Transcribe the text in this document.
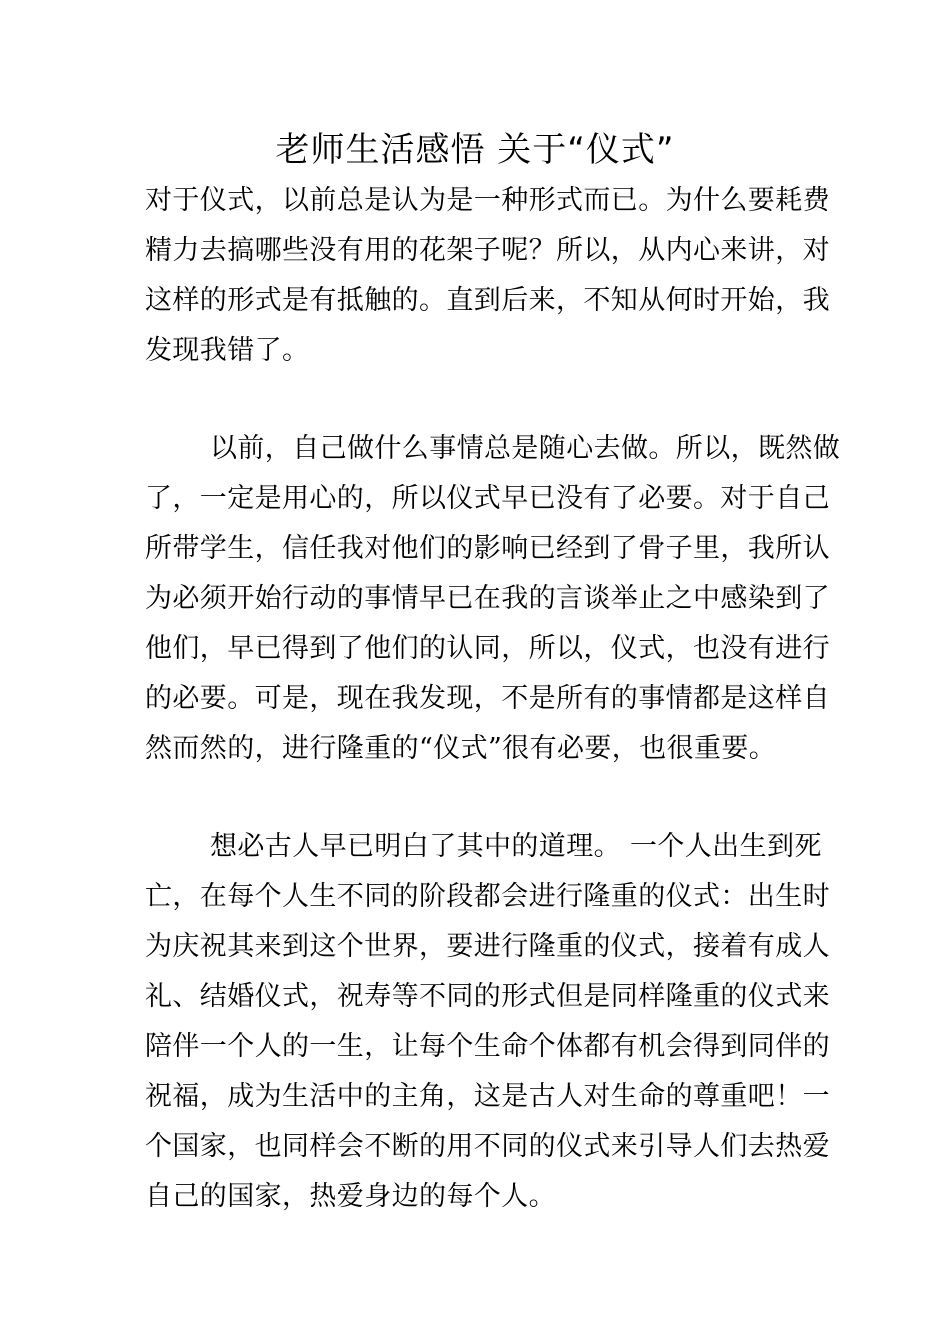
老师生活感悟 关于“仪式”

对于仪式，以前总是认为是一种形式而已。为什么要耗费

精力去搞哪些没有用的花架子呢？所以，从内心来讲，对

这样的形式是有抵触的。直到后来，不知从何时开始，我

发现我错了。

以前，自己做什么事情总是随心去做。所以，既然做

了，一定是用心的，所以仪式早已没有了必要。对于自己

所带学生，信任我对他们的影响已经到了骨子里，我所认

为必须开始行动的事情早已在我的言谈举止之中感染到了

他们，早已得到了他们的认同，所以，仪式，也没有进行

的必要。可是，现在我发现，不是所有的事情都是这样自

然而然的，进行隆重的“仪式”很有必要，也很重要。

想必古人早已明白了其中的道理。 一个人出生到死

亡，在每个人生不同的阶段都会进行隆重的仪式：出生时

为庆祝其来到这个世界，要进行隆重的仪式，接着有成人

礼、结婚仪式，祝寿等不同的形式但是同样隆重的仪式来

陪伴一个人的一生，让每个生命个体都有机会得到同伴的

祝福，成为生活中的主角，这是古人对生命的尊重吧！一

个国家，也同样会不断的用不同的仪式来引导人们去热爱

自己的国家，热爱身边的每个人。
